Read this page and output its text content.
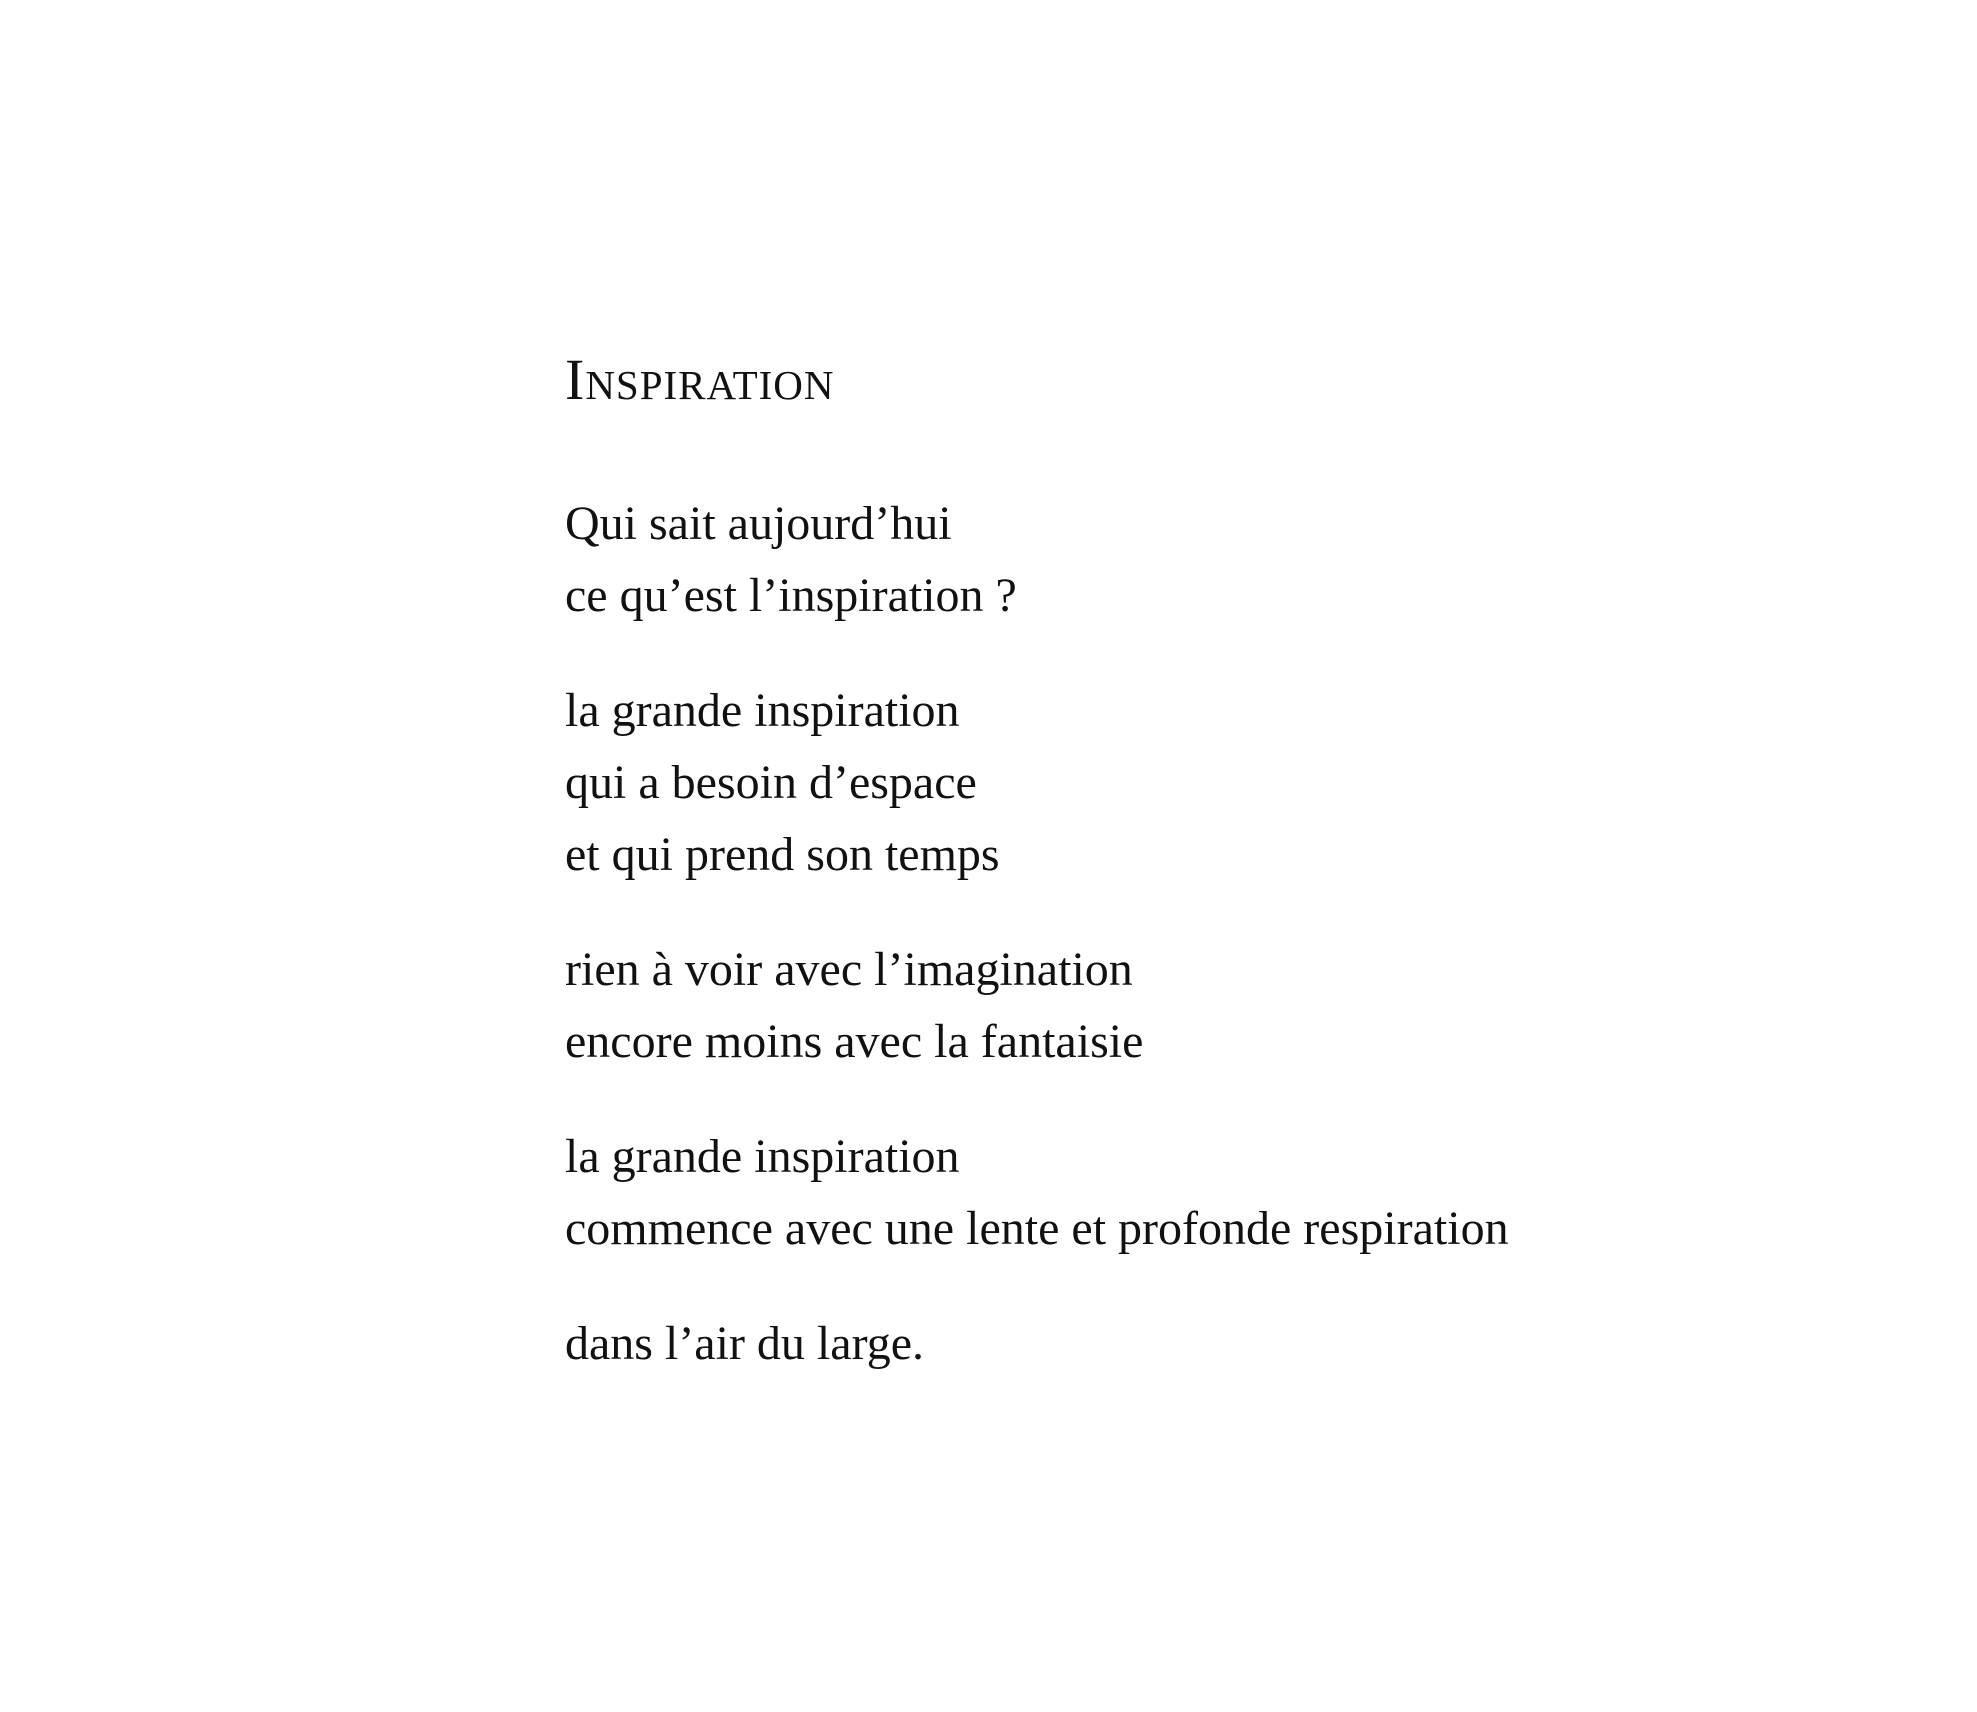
Inspiration
Qui sait aujourd’hui
ce qu’est l’inspiration ?
la grande inspiration
qui a besoin d’espace
et qui prend son temps
rien à voir avec l’imagination
encore moins avec la fantaisie
la grande inspiration
commence avec une lente et profonde respiration
dans l’air du large.
